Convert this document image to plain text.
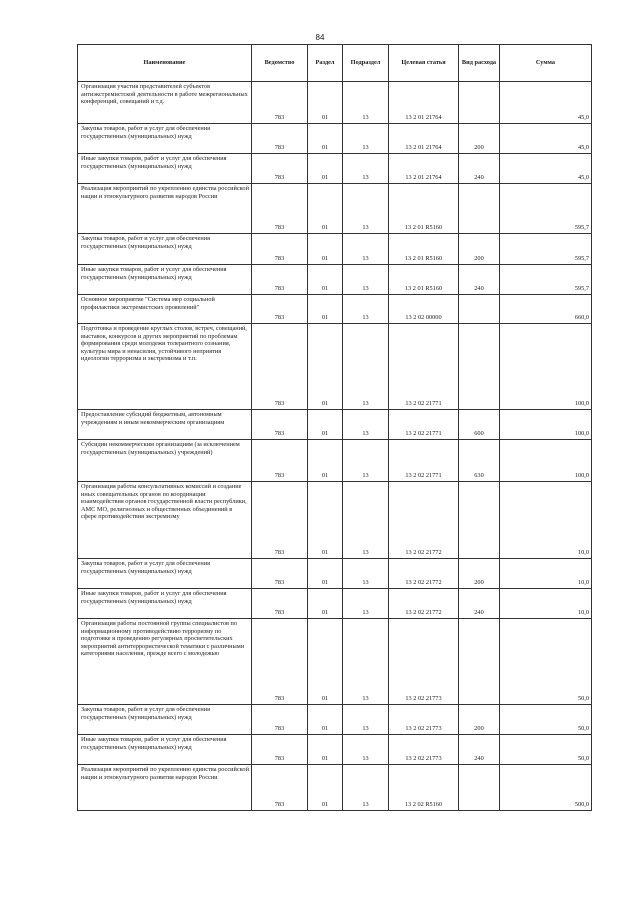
84
Наименование	Ведомство	Раздел	Подраздел	Целевая статья	Вид расхода	Сумма
Организация участия представителей субъектов антиэкстремистской деятельности в работе межрегиональных конференций, совещаний и т.д.	783	01	13	13 2 01 21764		45,0
Закупка товаров, работ и услуг для обеспечения государственных (муниципальных) нужд	783	01	13	13 2 01 21764	200	45,0
Иные закупки товаров, работ и услуг для обеспечения государственных (муниципальных) нужд	783	01	13	13 2 01 21764	240	45,0
Реализация мероприятий по укреплению единства российской нации и этнокультурного развития народов России	783	01	13	13 2 01 R5160		595,7
Закупка товаров, работ и услуг для обеспечения государственных (муниципальных) нужд	783	01	13	13 2 01 R5160	200	595,7
Иные закупки товаров, работ и услуг для обеспечения государственных (муниципальных) нужд	783	01	13	13 2 01 R5160	240	595,7
Основное мероприятие "Система мер социальной профилактики экстремистских проявлений"	783	01	13	13 2 02 00000		660,0
Подготовка и проведение круглых столов, встреч, совещаний, выставок, конкурсов и других мероприятий по проблемам формирования среди молодежи толерантного сознания, культуры мира и ненасилия, устойчивого неприятия идеологии терроризма и экстремизма и т.п.	783	01	13	13 2 02 21771		100,0
Предоставление субсидий бюджетным, автономным учреждениям и иным некоммерческим организациям	783	01	13	13 2 02 21771	600	100,0
Субсидии некоммерческим организациям (за исключением государственных (муниципальных) учреждений)	783	01	13	13 2 02 21771	630	100,0
Организация работы консультативных комиссий и создание иных совещательных органов по координации взаимодействия органов государственной власти республики, АМС МО, религиозных и общественных объединений в сфере противодействия экстремизму	783	01	13	13 2 02 21772		10,0
Закупка товаров, работ и услуг для обеспечения государственных (муниципальных) нужд	783	01	13	13 2 02 21772	200	10,0
Иные закупки товаров, работ и услуг для обеспечения государственных (муниципальных) нужд	783	01	13	13 2 02 21772	240	10,0
Организация работы постоянной группы специалистов по информационному противодействию терроризму по подготовке и проведению регулярных просветительских мероприятий антитеррористической тематики с различными категориями населения, прежде всего с молодежью	783	01	13	13 2 02 21773		50,0
Закупка товаров, работ и услуг для обеспечения государственных (муниципальных) нужд	783	01	13	13 2 02 21773	200	50,0
Иные закупки товаров, работ и услуг для обеспечения государственных (муниципальных) нужд	783	01	13	13 2 02 21773	240	50,0
Реализация мероприятий по укреплению единства российской нации и этнокультурного развития народов России	783	01	13	13 2 02 R5160		500,0
